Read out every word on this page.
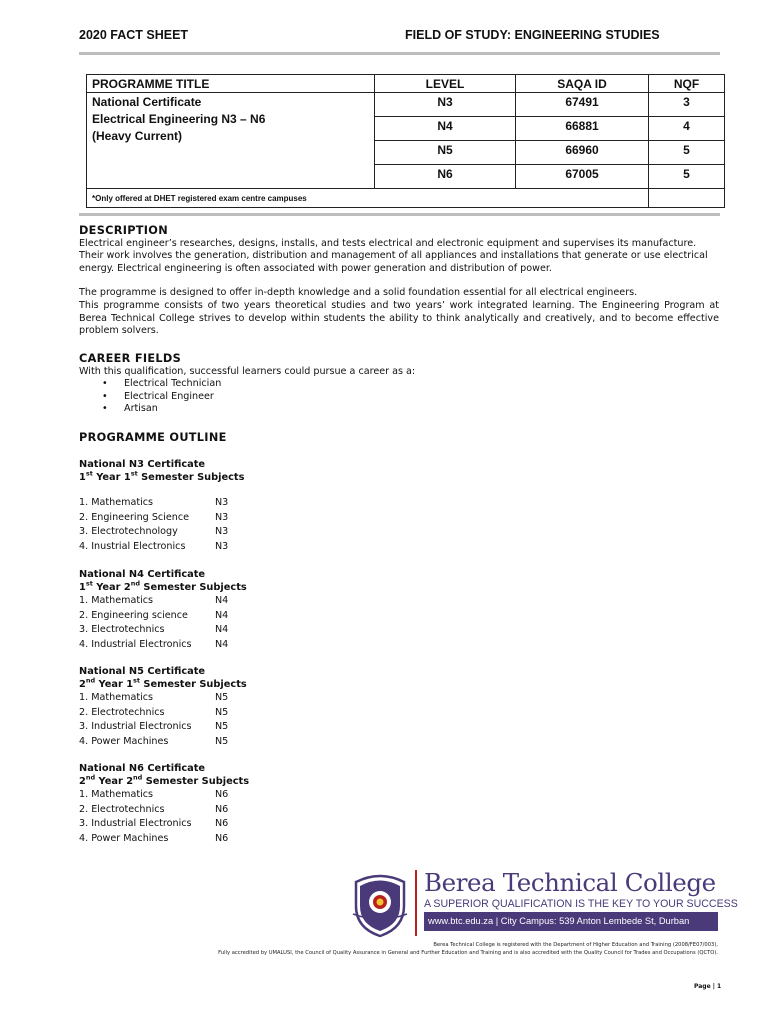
2020 FACT SHEET	FIELD OF STUDY: ENGINEERING STUDIES
PROGRAMME TITLE	LEVEL	SAQA ID	NQF

National Certificate
Electrical Engineering N3 – N6
(Heavy Current)	N3	67491	3
	N4	66881	4
	N5	66960	5
	N6	67005	5
*Only offered at DHET registered exam centre campuses			
DESCRIPTION
Electrical engineer’s researches, designs, installs, and tests electrical and electronic equipment and supervises its manufacture. Their work involves the generation, distribution and management of all appliances and installations that generate or use electrical energy. Electrical engineering is often associated with power generation and distribution of power.
The programme is designed to offer in-depth knowledge and a solid foundation essential for all electrical engineers.
This programme consists of two years theoretical studies and two years’ work integrated learning. The Engineering Program at Berea Technical College strives to develop within students the ability to think analytically and creatively, and to become effective problem solvers.
CAREER FIELDS
With this qualification, successful learners could pursue a career as a:
• Electrical Technician
• Electrical Engineer
• Artisan
PROGRAMME OUTLINE
National N3 Certificate
1st Year 1st Semester Subjects
1. Mathematics	N3
2. Engineering Science	N3
3. Electrotechnology	N3
4. Inustrial Electronics	N3
National N4 Certificate
1st Year 2nd Semester Subjects
1. Mathematics	N4
2. Engineering science	N4
3. Electrotechnics	N4
4. Industrial Electronics	N4
National N5 Certificate
2nd Year 1st Semester Subjects
1. Mathematics	N5
2. Electrotechnics	N5
3. Industrial Electronics	N5
4. Power Machines	N5
National N6 Certificate
2nd Year 2nd Semester Subjects
1. Mathematics	N6
2. Electrotechnics	N6
3. Industrial Electronics	N6
4. Power Machines	N6
Berea Technical College
A SUPERIOR QUALIFICATION IS THE KEY TO YOUR SUCCESS
www.btc.edu.za | City Campus: 539 Anton Lembede St, Durban
Berea Technical College is registered with the Department of Higher Education and Training (2008/FE07/003),
Fully accredited by UMALUSI, the Council of Quality Assurance in General and Further Education and Training and is also accredited with the Quality Council for Trades and Occupations (QCTO).
Page | 1
